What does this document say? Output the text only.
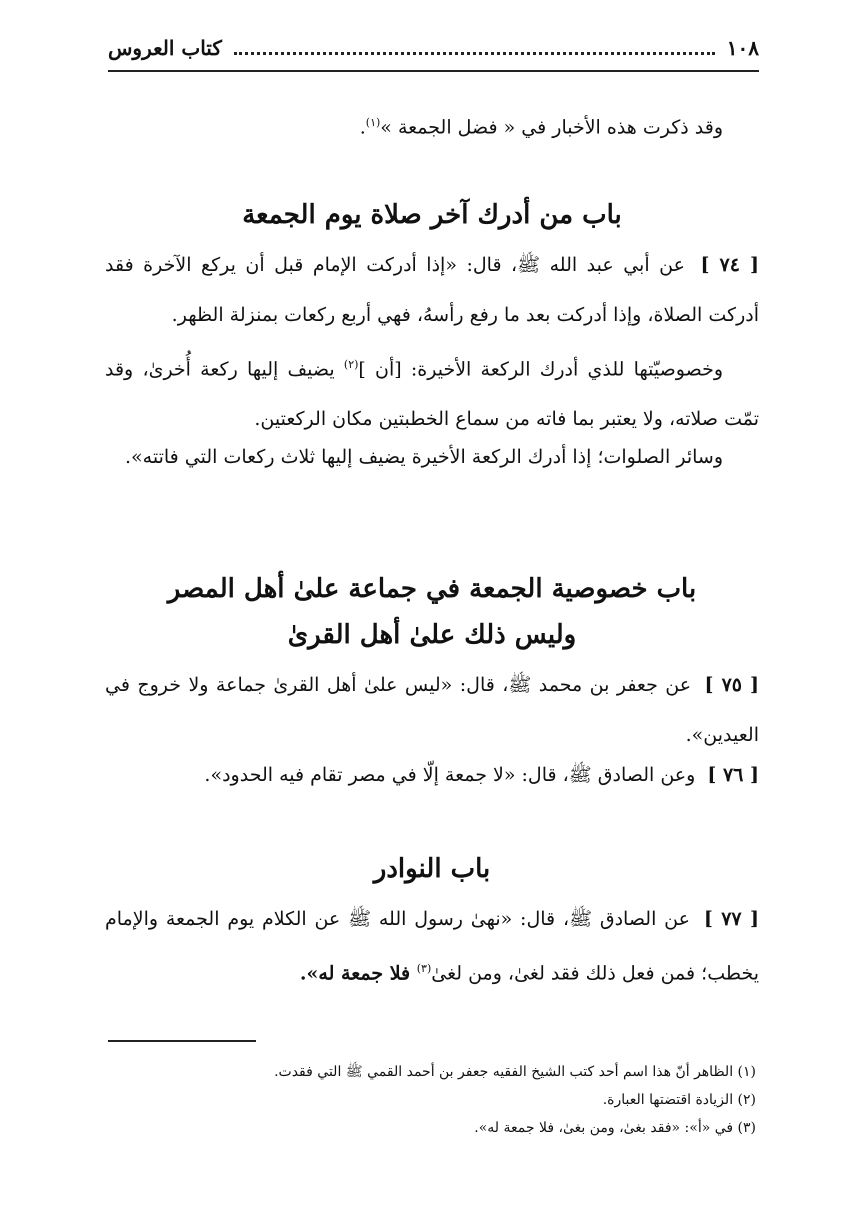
١٠٨
كتاب العروس
وقد ذكرت هذه الأخبار في « فضل الجمعة »$^{(١)}$.
باب من أدرك آخر صلاة يوم الجمعة
[ ٧٤ ] عن أبي عبد الله ﷺ، قال: «إذا أدركت الإمام قبل أن يركع الآخرة فقد أدركت الصلاة، وإذا أدركت بعد ما رفع رأسهُ، فهي أربع ركعات بمنزلة الظهر.
وخصوصيّتها للذي أدرك الركعة الأخيرة: [أن ]$^{(٢)}$ يضيف إليها ركعة أُخرىٰ، وقد تمّت صلاته، ولا يعتبر بما فاته من سماع الخطبتين مكان الركعتين.
وسائر الصلوات؛ إذا أدرك الركعة الأخيرة يضيف إليها ثلاث ركعات التي فاتته».
باب خصوصية الجمعة في جماعة علىٰ أهل المصر
وليس ذلك علىٰ أهل القرىٰ
[ ٧٥ ] عن جعفر بن محمد ﷺ، قال: «ليس علىٰ أهل القرىٰ جماعة ولا خروج في العيدين».
[ ٧٦ ] وعن الصادق ﷺ، قال: «لا جمعة إلّا في مصر تقام فيه الحدود».
باب النوادر
[ ٧٧ ] عن الصادق ﷺ، قال: «نهىٰ رسول الله ﷺ عن الكلام يوم الجمعة والإمام يخطب؛ فمن فعل ذلك فقد لغىٰ، ومن لغىٰ$^{(٣)}$ فلا جمعة له».
(١) الظاهر أنّ هذا اسم أحد كتب الشيخ الفقيه جعفر بن أحمد القمي ﷺ التي فقدت.
(٢) الزيادة اقتضتها العبارة.
(٣) في «أ»: «فقد بغىٰ، ومن بغىٰ، فلا جمعة له».
